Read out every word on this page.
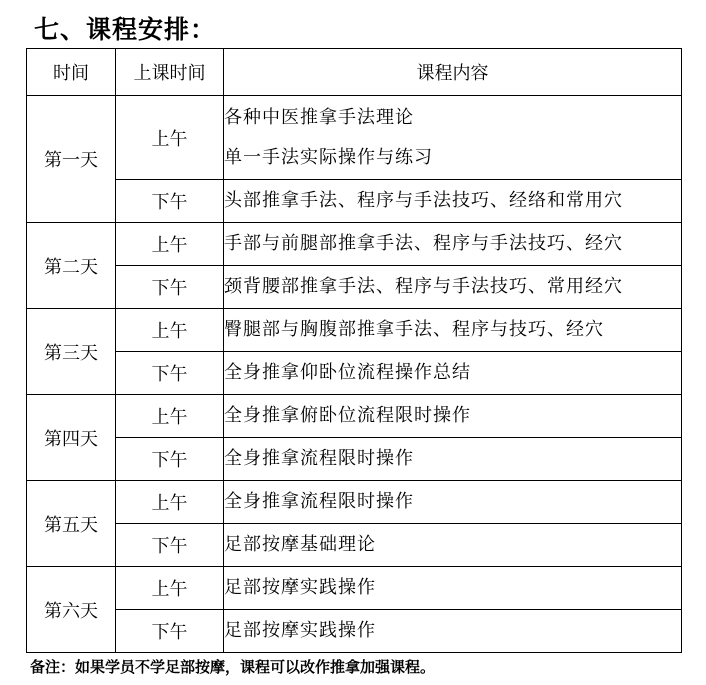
七、课程安排：
时间	上课时间	课程内容
第一天	上午	各种中医推拿手法理论
单一手法实际操作与练习

	下午	头部推拿手法、程序与手法技巧、经络和常用穴

第二天	上午	手部与前腿部推拿手法、程序与手法技巧、经穴

	下午	颈背腰部推拿手法、程序与手法技巧、常用经穴

第三天	上午	臀腿部与胸腹部推拿手法、程序与技巧、经穴

	下午	全身推拿仰卧位流程操作总结

第四天	上午	全身推拿俯卧位流程限时操作

	下午	全身推拿流程限时操作

第五天	上午	全身推拿流程限时操作

	下午	足部按摩基础理论

第六天	上午	足部按摩实践操作

	下午	足部按摩实践操作

备注：如果学员不学足部按摩，课程可以改作推拿加强课程。
